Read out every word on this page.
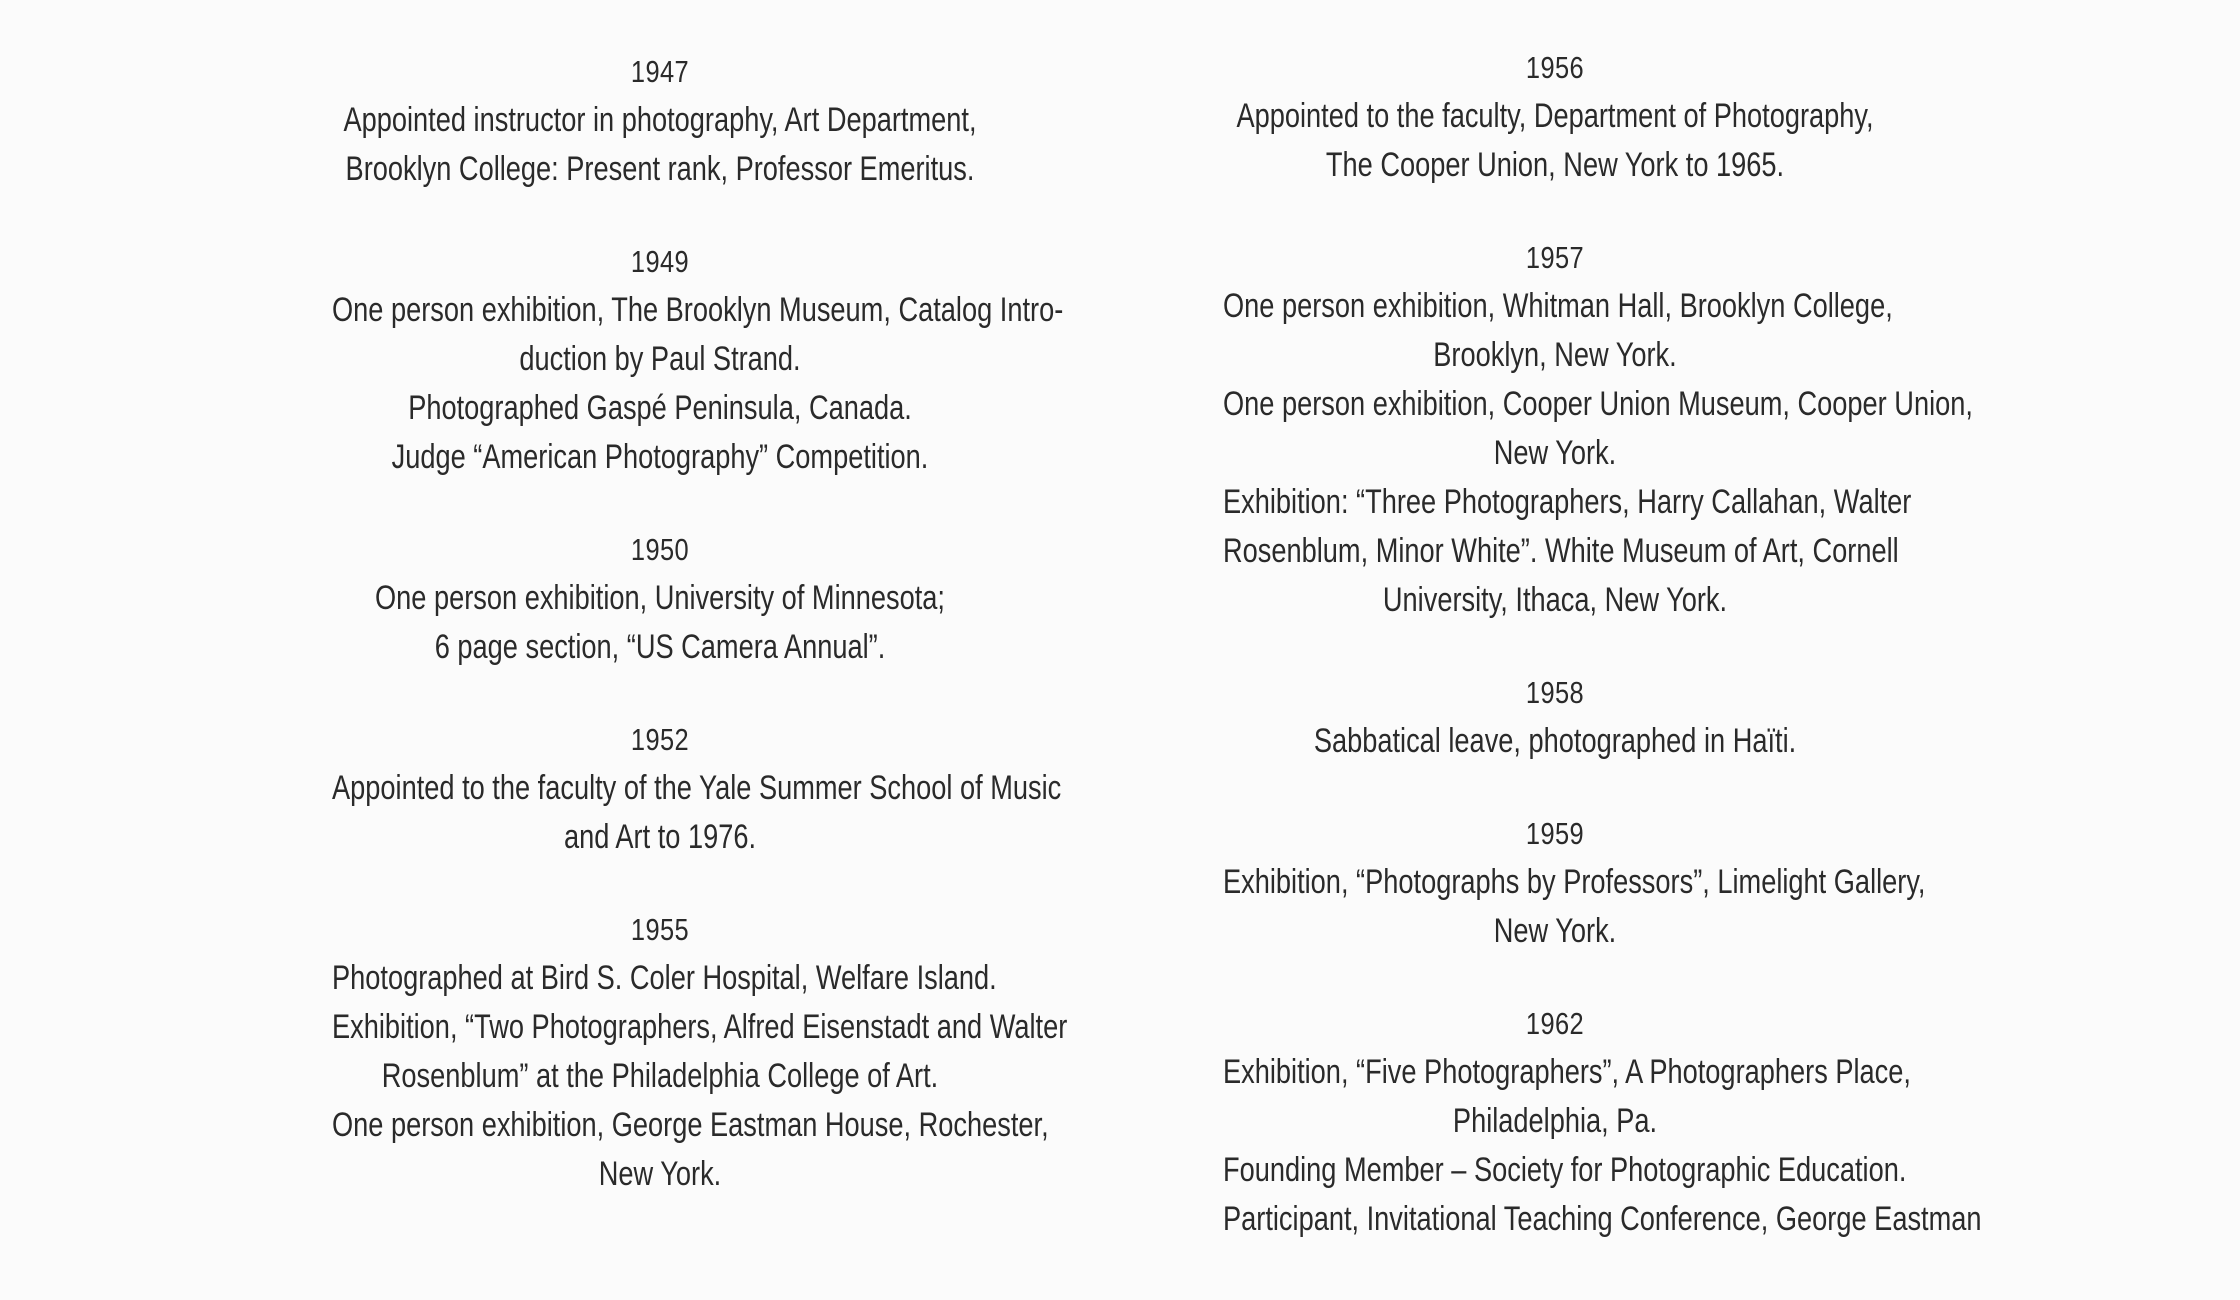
1947
Appointed instructor in photography, Art Department,
Brooklyn College: Present rank, Professor Emeritus.
1949
One person exhibition, The Brooklyn Museum, Catalog Intro-
duction by Paul Strand.
Photographed Gaspé Peninsula, Canada.
Judge “American Photography” Competition.
1950
One person exhibition, University of Minnesota;
6 page section, “US Camera Annual”.
1952
Appointed to the faculty of the Yale Summer School of Music
and Art to 1976.
1955
Photographed at Bird S. Coler Hospital, Welfare Island.
Exhibition, “Two Photographers, Alfred Eisenstadt and Walter
Rosenblum” at the Philadelphia College of Art.
One person exhibition, George Eastman House, Rochester,
New York.
1956
Appointed to the faculty, Department of Photography,
The Cooper Union, New York to 1965.
1957
One person exhibition, Whitman Hall, Brooklyn College,
Brooklyn, New York.
One person exhibition, Cooper Union Museum, Cooper Union,
New York.
Exhibition: “Three Photographers, Harry Callahan, Walter
Rosenblum, Minor White”. White Museum of Art, Cornell
University, Ithaca, New York.
1958
Sabbatical leave, photographed in Haïti.
1959
Exhibition, “Photographs by Professors”, Limelight Gallery,
New York.
1962
Exhibition, “Five Photographers”, A Photographers Place,
Philadelphia, Pa.
Founding Member – Society for Photographic Education.
Participant, Invitational Teaching Conference, George Eastman
